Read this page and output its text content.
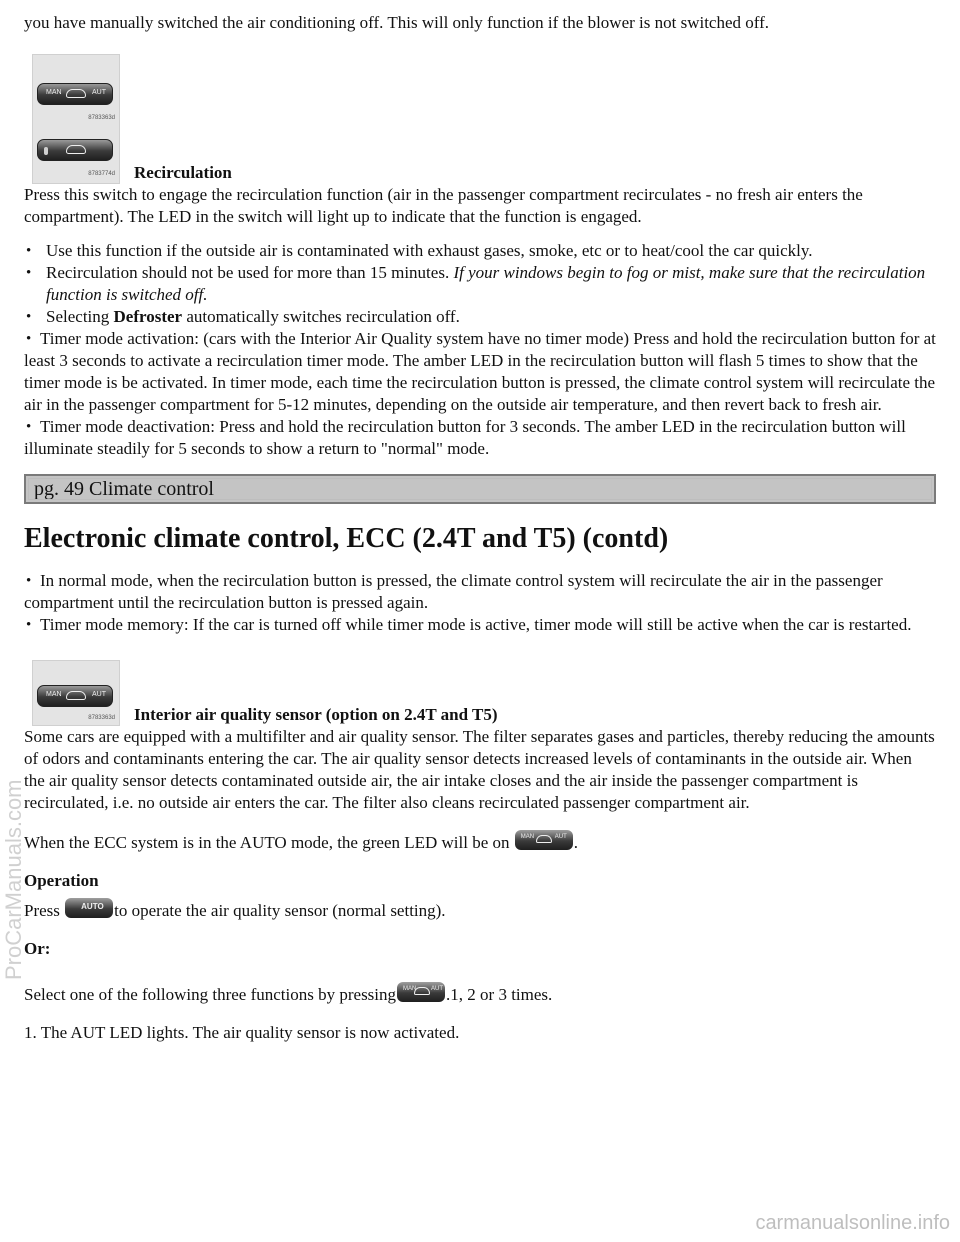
ProCarManuals.com

you have manually switched the air conditioning off. This will only function if the blower is not switched off.

MAN	AUT
8783363d
8783774d Recirculation

Press this switch to engage the recirculation function (air in the passenger compartment recirculates - no fresh air enters the compartment). The LED in the switch will light up to indicate that the function is engaged.

• Use this function if the outside air is contaminated with exhaust gases, smoke, etc or to heat/cool the car quickly.
• Recirculation should not be used for more than 15 minutes. If your windows begin to fog or mist, make sure that the recirculation function is switched off.
• Selecting Defroster automatically switches recirculation off.
• Timer mode activation: (cars with the Interior Air Quality system have no timer mode) Press and hold the recirculation button for at least 3 seconds to activate a recirculation timer mode. The amber LED in the recirculation button will flash 5 times to show that the timer mode is be activated. In timer mode, each time the recirculation button is pressed, the climate control system will recirculate the air in the passenger compartment for 5-12 minutes, depending on the outside air temperature, and then revert back to fresh air.
• Timer mode deactivation: Press and hold the recirculation button for 3 seconds. The amber LED in the recirculation button will illuminate steadily for 5 seconds to show a return to "normal" mode.
pg. 49 Climate control
Electronic climate control, ECC (2.4T and T5) (contd)

• In normal mode, when the recirculation button is pressed, the climate control system will recirculate the air in the passenger compartment until the recirculation button is pressed again.

• Timer mode memory: If the car is turned off while timer mode is active, timer mode will still be active when the car is restarted.

MAN	AUT
8783363d Interior air quality sensor (option on 2.4T and T5)

Some cars are equipped with a multifilter and air quality sensor. The filter separates gases and particles, thereby reducing the amounts of odors and contaminants entering the car. The air quality sensor detects increased levels of contaminants in the outside air. When the air quality sensor detects contaminated outside air, the air intake closes and the air inside the passenger compartment is recirculated, i.e. no outside air enters the car. The filter also cleans recirculated passenger compartment air.

When the ECC system is in the AUTO mode, the green LED will be on MAN	AUT .

Operation

Press	AUTO to operate the air quality sensor (normal setting).

Or:

Select one of the following three functions by pressing MAN AUT .1, 2 or 3 times.

1. The AUT LED lights. The air quality sensor is now activated.

carmanualsonline.info
